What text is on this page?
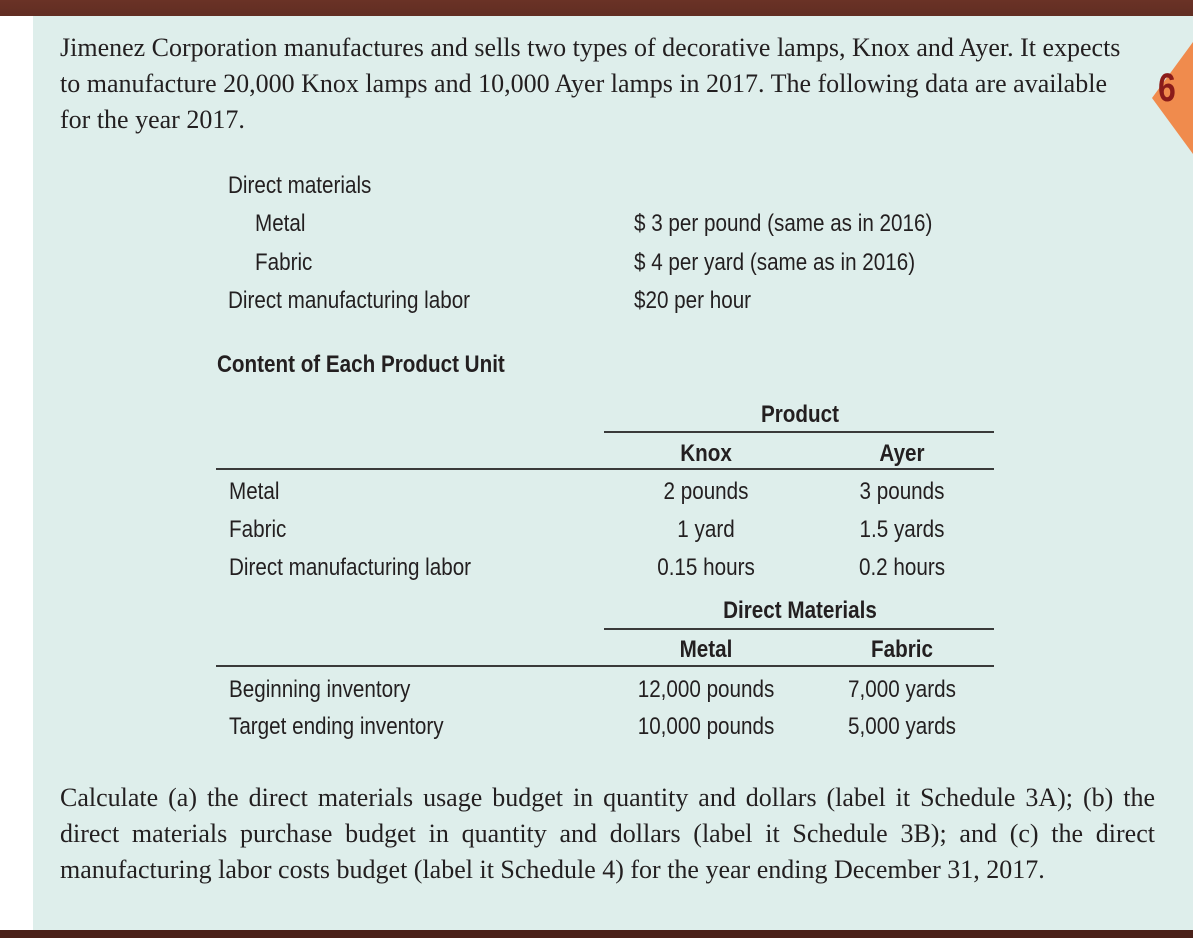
Jimenez Corporation manufactures and sells two types of decorative lamps, Knox and Ayer. It expects to manufacture 20,000 Knox lamps and 10,000 Ayer lamps in 2017. The following data are available for the year 2017.
6
Direct materials
Metal	$ 3 per pound (same as in 2016)
Fabric	$ 4 per yard (same as in 2016)
Direct manufacturing labor	$20 per hour
Content of Each Product Unit
Product
Knox	Ayer
Metal	2 pounds	3 pounds
Fabric	1 yard	1.5 yards
Direct manufacturing labor	0.15 hours	0.2 hours
Direct Materials
Metal	Fabric
Beginning inventory	12,000 pounds	7,000 yards
Target ending inventory	10,000 pounds	5,000 yards
Calculate (a) the direct materials usage budget in quantity and dollars (label it Schedule 3A); (b) the direct materials purchase budget in quantity and dollars (label it Schedule 3B); and (c) the direct manufacturing labor costs budget (label it Schedule 4) for the year ending December 31, 2017.
